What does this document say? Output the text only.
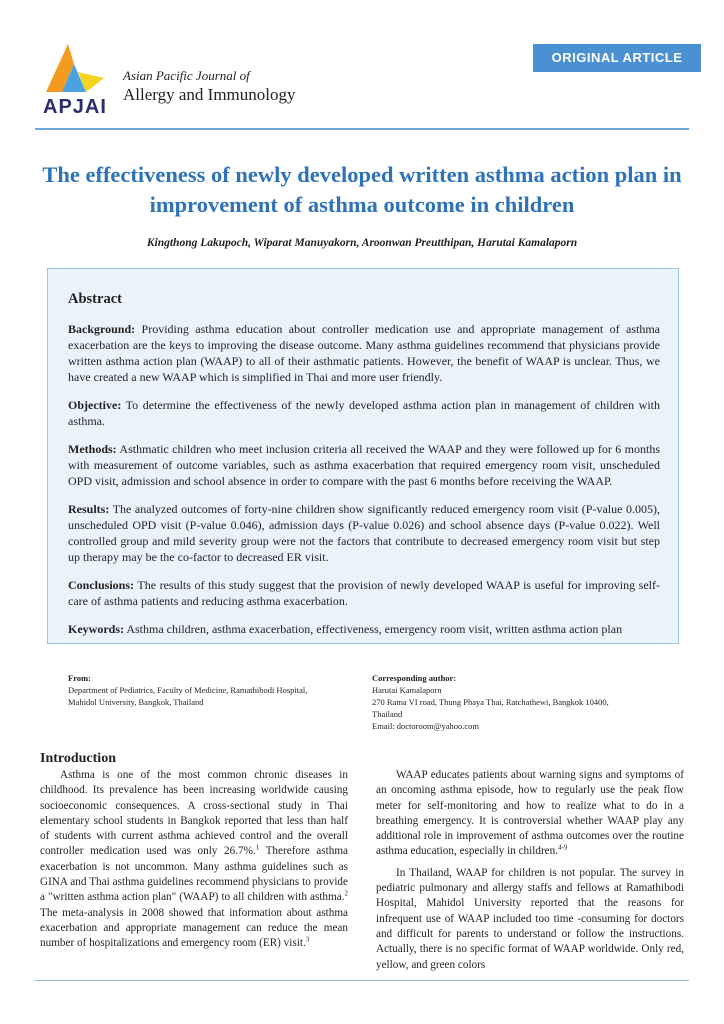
APJAI
Asian Pacific Journal of
Allergy and Immunology
ORIGINAL ARTICLE
The effectiveness of newly developed written asthma action plan in improvement of asthma outcome in children
Kingthong Lakupoch, Wiparat Manuyakorn, Aroonwan Preutthipan, Harutai Kamalaporn
Abstract

Background: Providing asthma education about controller medication use and appropriate management of asthma exacerbation are the keys to improving the disease outcome. Many asthma guidelines recommend that physicians provide written asthma action plan (WAAP) to all of their asthmatic patients. However, the benefit of WAAP is unclear. Thus, we have created a new WAAP which is simplified in Thai and more user friendly.

Objective: To determine the effectiveness of the newly developed asthma action plan in management of children with asthma.

Methods: Asthmatic children who meet inclusion criteria all received the WAAP and they were followed up for 6 months with measurement of outcome variables, such as asthma exacerbation that required emergency room visit, unscheduled OPD visit, admission and school absence in order to compare with the past 6 months before receiving the WAAP.

Results: The analyzed outcomes of forty-nine children show significantly reduced emergency room visit (P-value 0.005), unscheduled OPD visit (P-value 0.046), admission days (P-value 0.026) and school absence days (P-value 0.022). Well controlled group and mild severity group were not the factors that contribute to decreased emergency room visit but step up therapy may be the co-factor to decreased ER visit.

Conclusions: The results of this study suggest that the provision of newly developed WAAP is useful for improving self- care of asthma patients and reducing asthma exacerbation.

Keywords: Asthma children, asthma exacerbation, effectiveness, emergency room visit, written asthma action plan

From:
Department of Pediatrics, Faculty of Medicine, Ramathibodi Hospital,
Mahidol University, Bangkok, Thailand
Corresponding author:
Harutai Kamalaporn
270 Rama VI road, Thung Phaya Thai, Ratchathewi, Bangkok 10400,
Thailand
Email: doctoroom@yahoo.com
Introduction

Asthma is one of the most common chronic diseases in childhood. Its prevalence has been increasing worldwide causing socioeconomic consequences. A cross-sectional study in Thai elementary school students in Bangkok reported that less than half of students with current asthma achieved control and the overall controller medication used was only 26.7%.$^1$ Therefore asthma exacerbation is not uncommon. Many asthma guidelines such as GINA and Thai asthma guidelines recommend physicians to provide a "written asthma action plan" (WAAP) to all children with asthma.$^2$ The meta-analysis in 2008 showed that information about asthma exacerbation and appropriate management can reduce the mean number of hospitalizations and emergency room (ER) visit.$^3$

WAAP educates patients about warning signs and symptoms of an oncoming asthma episode, how to regularly use the peak flow meter for self-monitoring and how to realize what to do in a breathing emergency. It is controversial whether WAAP play any additional role in improvement of asthma outcomes over the routine asthma education, especially in children.$^{4-9}$

In Thailand, WAAP for children is not popular. The survey in pediatric pulmonary and allergy staffs and fellows at Ramathibodi Hospital, Mahidol University reported that the reasons for infrequent use of WAAP included too time -consuming for doctors and difficult for parents to understand or follow the instructions. Actually, there is no specific format of WAAP worldwide. Only red, yellow, and green colors
